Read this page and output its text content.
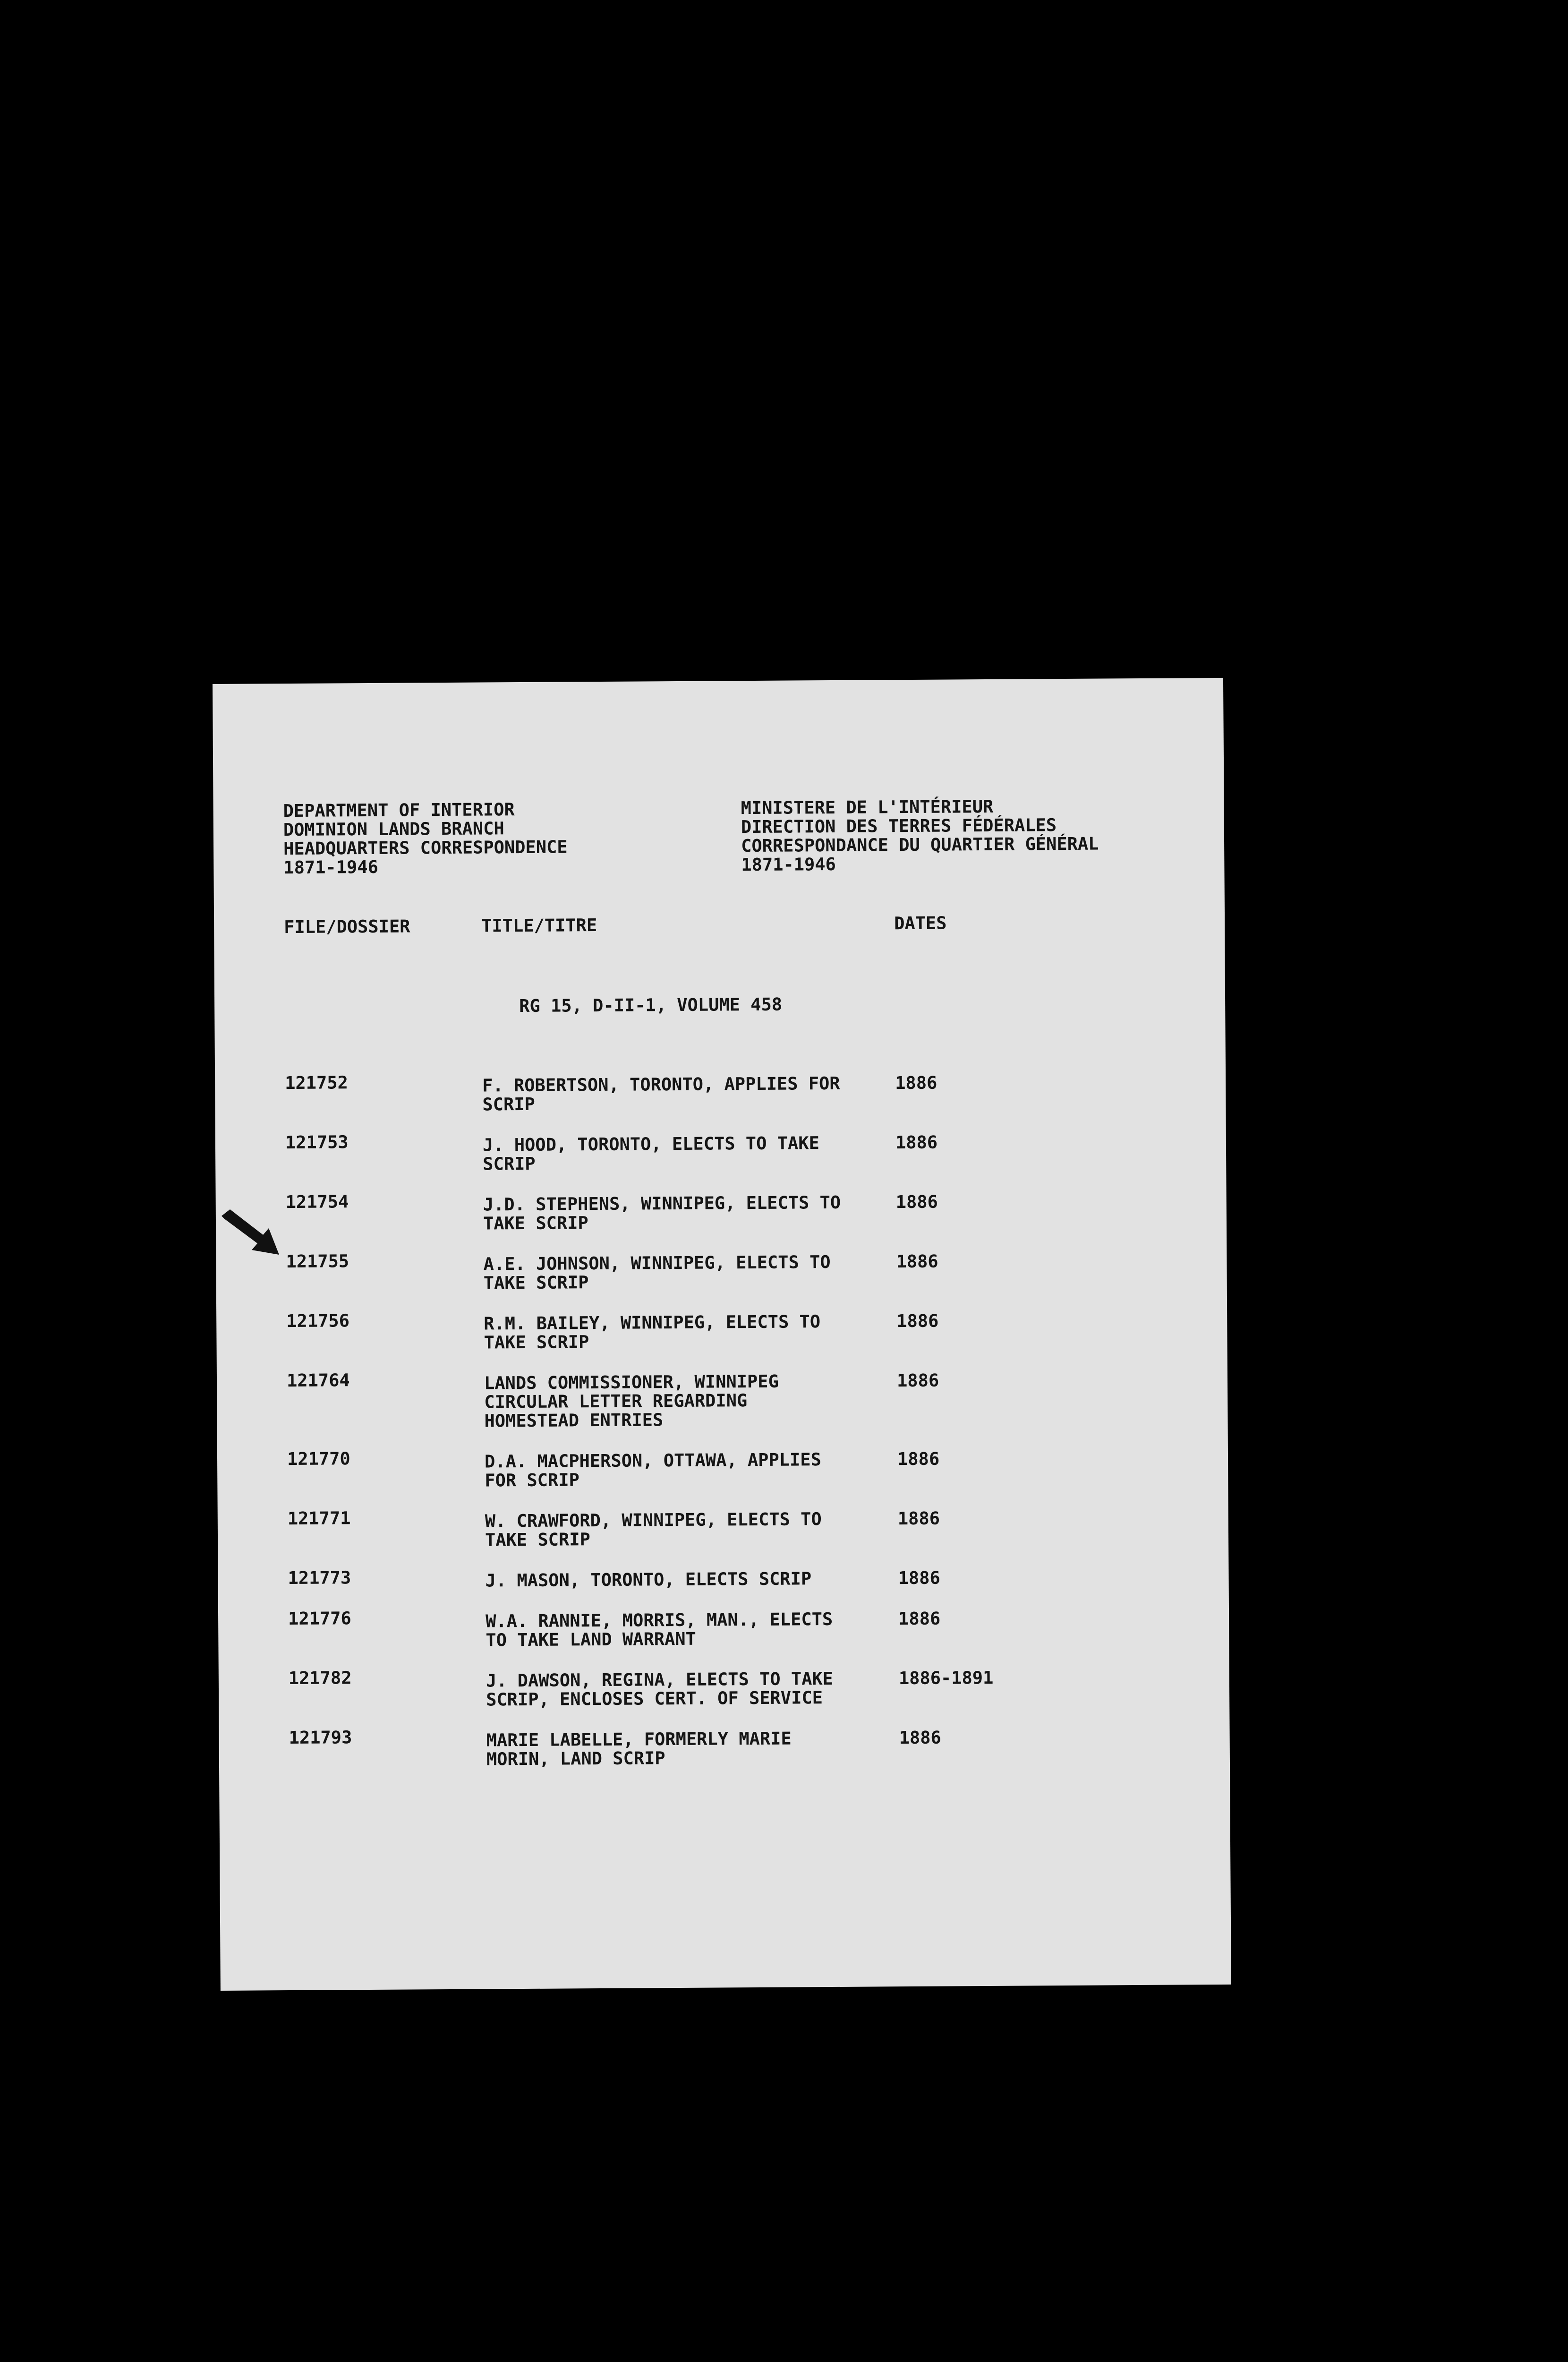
DEPARTMENT OF INTERIOR
DOMINION LANDS BRANCH
HEADQUARTERS CORRESPONDENCE
1871-1946
MINISTERE DE L'INTÉRIEUR
DIRECTION DES TERRES FÉDÉRALES
CORRESPONDANCE DU QUARTIER GÉNÉRAL
1871-1946
FILE/DOSSIER	TITLE/TITRE	DATES
RG 15, D-II-1, VOLUME 458
121752	F. ROBERTSON, TORONTO, APPLIES FOR
SCRIP
1886
121753	J. HOOD, TORONTO, ELECTS TO TAKE
SCRIP
1886
121754	J.D. STEPHENS, WINNIPEG, ELECTS TO
TAKE SCRIP
1886
121755	A.E. JOHNSON, WINNIPEG, ELECTS TO
TAKE SCRIP
1886
121756	R.M. BAILEY, WINNIPEG, ELECTS TO
TAKE SCRIP
1886
121764	LANDS COMMISSIONER, WINNIPEG
CIRCULAR LETTER REGARDING
HOMESTEAD ENTRIES
1886
121770	D.A. MACPHERSON, OTTAWA, APPLIES
FOR SCRIP
1886
121771	W. CRAWFORD, WINNIPEG, ELECTS TO
TAKE SCRIP
1886
121773	J. MASON, TORONTO, ELECTS SCRIP	1886
121776	W.A. RANNIE, MORRIS, MAN., ELECTS
TO TAKE LAND WARRANT
1886
121782	J. DAWSON, REGINA, ELECTS TO TAKE
SCRIP, ENCLOSES CERT. OF SERVICE
1886-1891
121793	MARIE LABELLE, FORMERLY MARIE
MORIN, LAND SCRIP
1886
